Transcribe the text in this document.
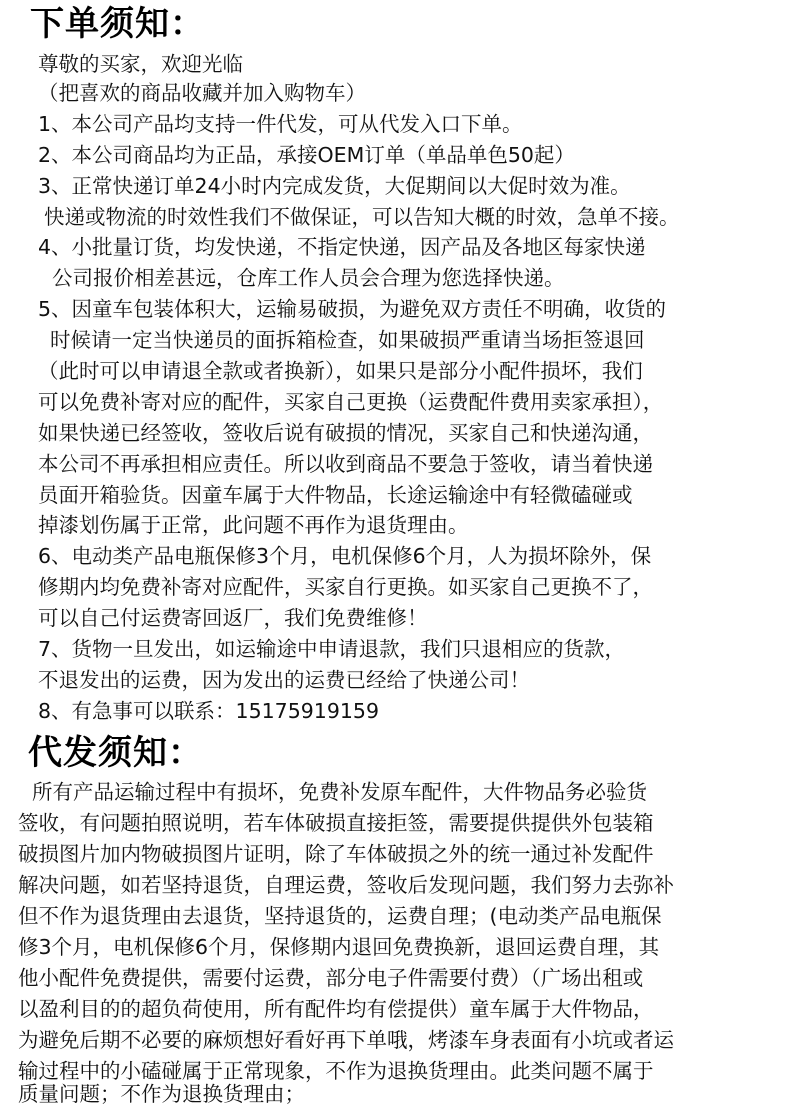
下单须知：
尊敬的买家，欢迎光临
（把喜欢的商品收藏并加入购物车）
1、本公司产品均支持一件代发，可从代发入口下单。
2、本公司商品均为正品，承接OEM订单（单品单色50起）
3、正常快递订单24小时内完成发货，大促期间以大促时效为准。
快递或物流的时效性我们不做保证，可以告知大概的时效，急单不接。
4、小批量订货，均发快递，不指定快递，因产品及各地区每家快递
公司报价相差甚远，仓库工作人员会合理为您选择快递。
5、因童车包装体积大，运输易破损，为避免双方责任不明确，收货的
时候请一定当快递员的面拆箱检查，如果破损严重请当场拒签退回
（此时可以申请退全款或者换新），如果只是部分小配件损坏，我们
可以免费补寄对应的配件，买家自己更换（运费配件费用卖家承担），
如果快递已经签收，签收后说有破损的情况，买家自己和快递沟通，
本公司不再承担相应责任。所以收到商品不要急于签收，请当着快递
员面开箱验货。因童车属于大件物品，长途运输途中有轻微磕碰或
掉漆划伤属于正常，此问题不再作为退货理由。
6、电动类产品电瓶保修3个月，电机保修6个月，人为损坏除外，保
修期内均免费补寄对应配件，买家自行更换。如买家自己更换不了，
可以自己付运费寄回返厂，我们免费维修！
7、货物一旦发出，如运输途中申请退款，我们只退相应的货款，
不退发出的运费，因为发出的运费已经给了快递公司！
8、有急事可以联系：15175919159
代发须知：
所有产品运输过程中有损坏，免费补发原车配件，大件物品务必验货
签收，有问题拍照说明，若车体破损直接拒签，需要提供提供外包装箱
破损图片加内物破损图片证明，除了车体破损之外的统一通过补发配件
解决问题，如若坚持退货，自理运费，签收后发现问题，我们努力去弥补
但不作为退货理由去退货，坚持退货的，运费自理；(电动类产品电瓶保
修3个月，电机保修6个月，保修期内退回免费换新，退回运费自理，其
他小配件免费提供，需要付运费，部分电子件需要付费）（广场出租或
以盈利目的的超负荷使用，所有配件均有偿提供）童车属于大件物品，
为避免后期不必要的麻烦想好看好再下单哦，烤漆车身表面有小坑或者运
输过程中的小磕碰属于正常现象，不作为退换货理由。此类问题不属于
质量问题；不作为退换货理由；
